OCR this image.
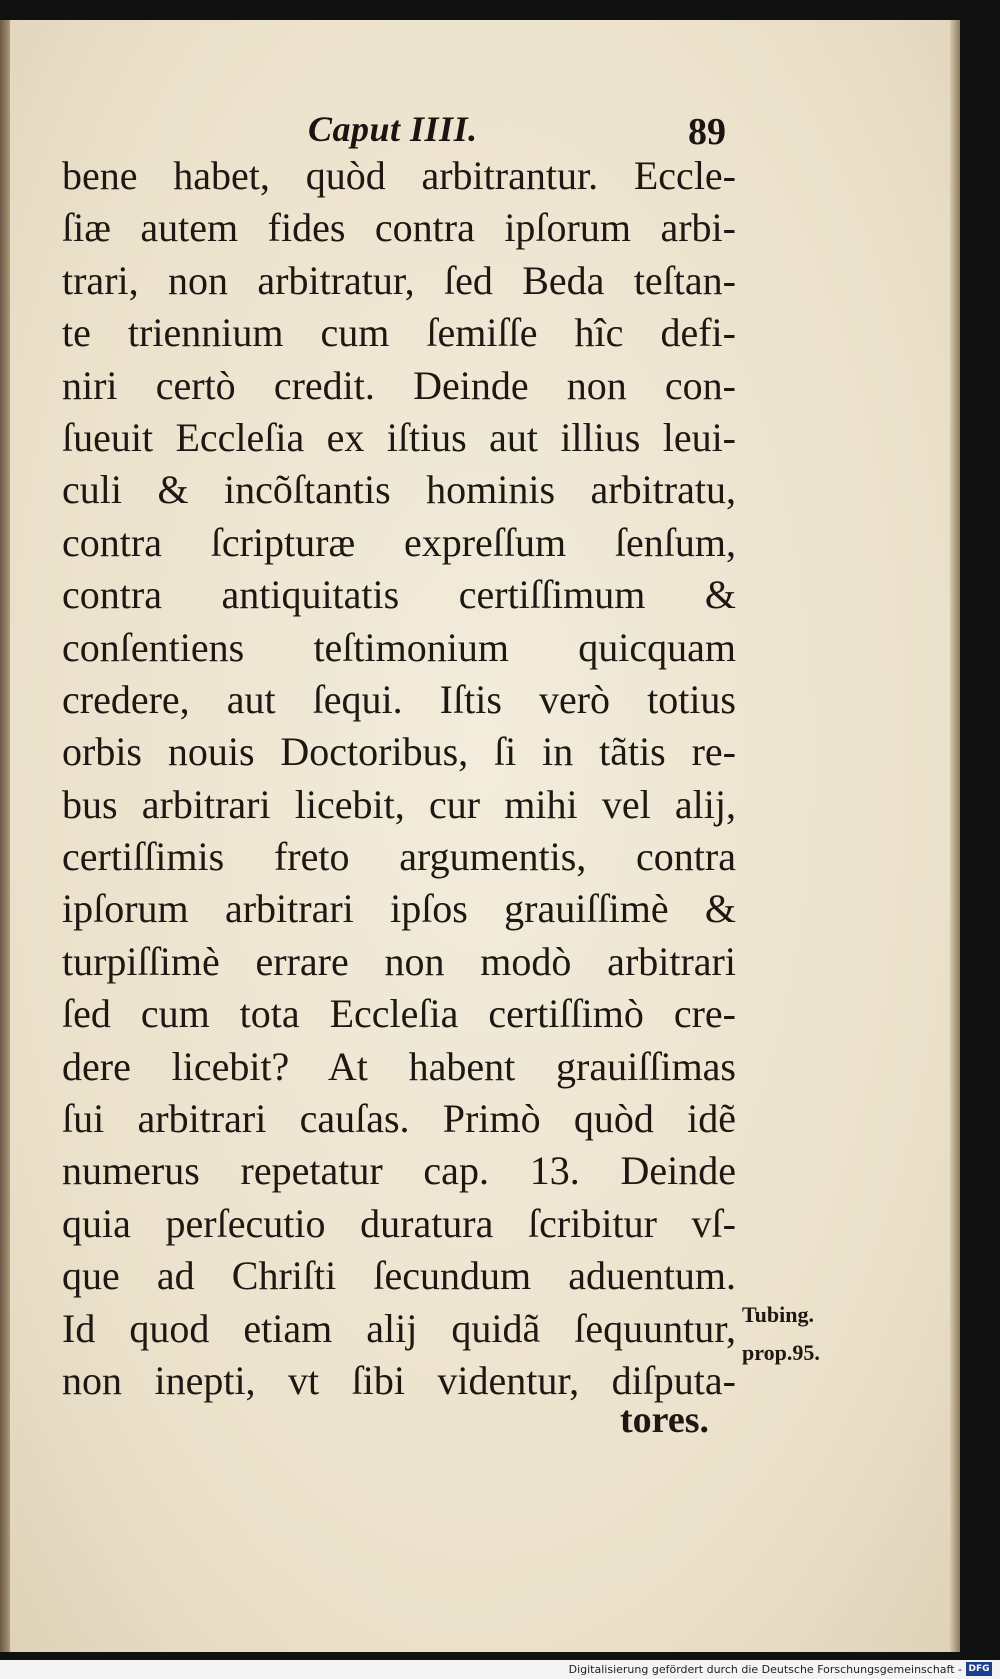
Caput IIII.	89
bene habet, quòd arbitrantur. Eccle-
ſiæ autem fides contra ipſorum arbi-
trari, non arbitratur, ſed Beda teſtan-
te triennium cum ſemiſſe hîc defi-
niri certò credit. Deinde non con-
ſueuit Eccleſia ex iſtius aut illius leui-
culi & incõſtantis hominis arbitratu,
contra ſcripturæ expreſſum ſenſum,
contra antiquitatis certiſſimum &
conſentiens teſtimonium quicquam
credere, aut ſequi. Iſtis verò totius
orbis nouis Doctoribus, ſi in tãtis re-
bus arbitrari licebit, cur mihi vel alij,
certiſſimis freto argumentis, contra
ipſorum arbitrari ipſos grauiſſimè &
turpiſſimè errare non modò arbitrari
ſed cum tota Eccleſia certiſſimò cre-
dere licebit? At habent grauiſſimas
ſui arbitrari cauſas. Primò quòd idẽ
numerus repetatur cap. 13. Deinde
quia perſecutio duratura ſcribitur vſ-
que ad Chriſti ſecundum aduentum.
Id quod etiam alij quidã ſequuntur,
non inepti, vt ſibi videntur, diſputa-
Tubing.
prop.95.
tores.
Digitalisierung gefördert durch die Deutsche Forschungsgemeinschaft - DFG
